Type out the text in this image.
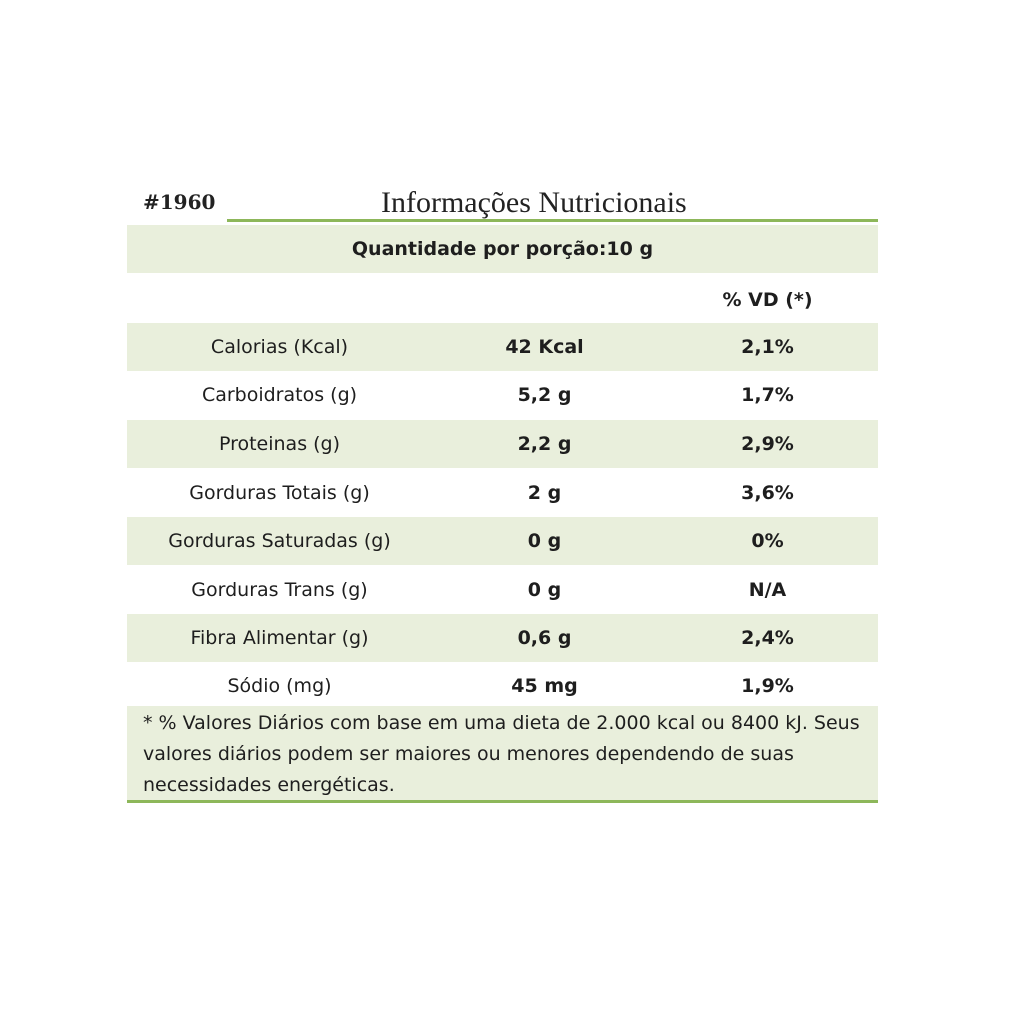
#1960	Informações Nutricionais
Quantidade por porção:10 g
% VD (*)
Calorias (Kcal)	42 Kcal	2,1%
Carboidratos (g)	5,2 g	1,7%
Proteinas (g)	2,2 g	2,9%
Gorduras Totais (g)	2 g	3,6%
Gorduras Saturadas (g)	0 g	0%
Gorduras Trans (g)	0 g	N/A
Fibra Alimentar (g)	0,6 g	2,4%
Sódio (mg)	45 mg	1,9%
* % Valores Diários com base em uma dieta de 2.000 kcal ou 8400 kJ. Seus valores diários podem ser maiores ou menores dependendo de suas necessidades energéticas.
